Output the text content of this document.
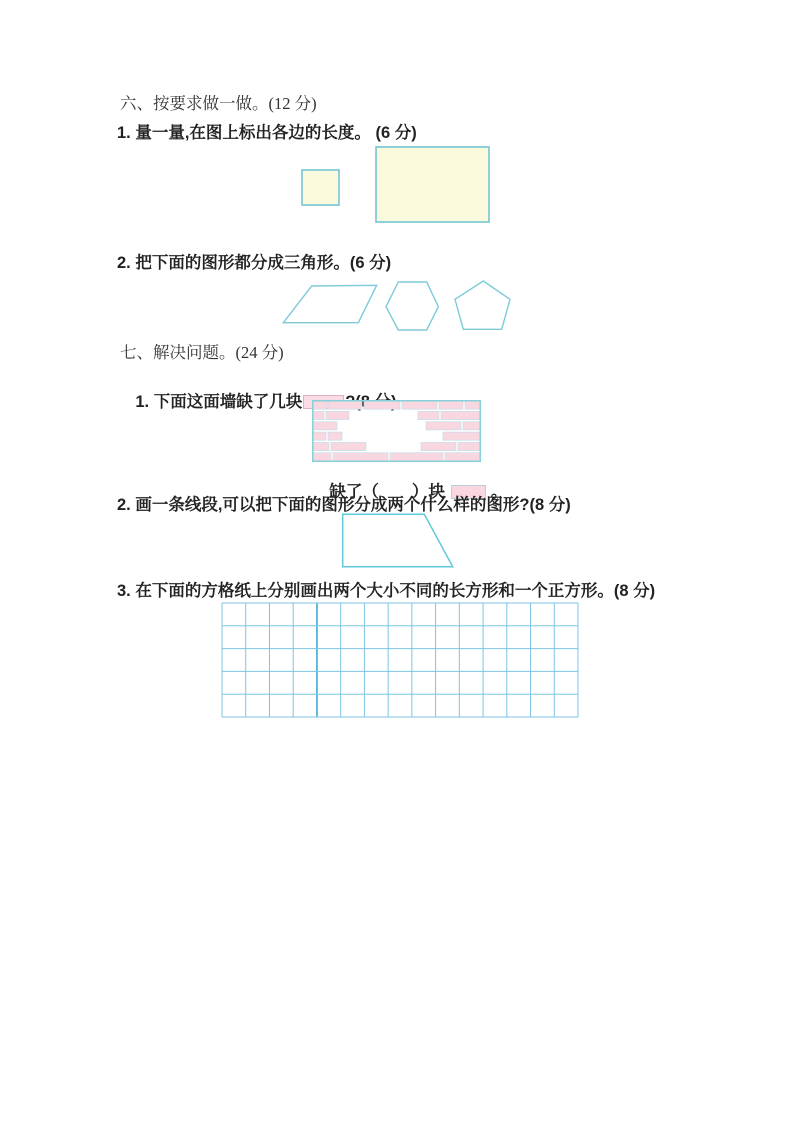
六、按要求做一做。(12 分)
1. 量一量,在图上标出各边的长度。 (6 分)
2. 把下面的图形都分成三角形。(6 分)
七、解决问题。(24 分)

1. 下面这面墙缺了几块

缺了（　　）块	。

2. 画一条线段,可以把下面的图形分成两个什么样的图形?(8 分)
3. 在下面的方格纸上分别画出两个大小不同的长方形和一个正方形。(8 分)
